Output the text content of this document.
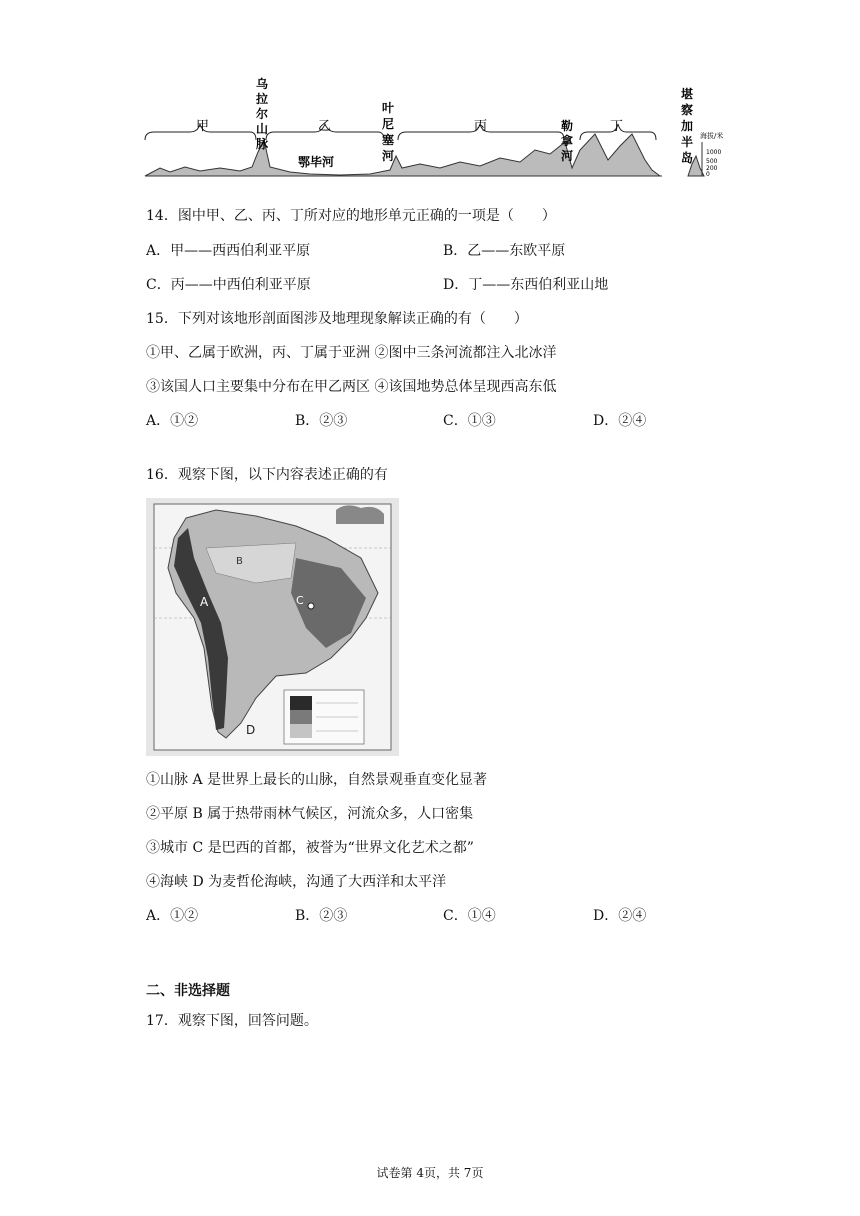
甲	乙	丙	丁
鄂毕河
海拔/米
1000
500
200
0
乌拉尔山脉
叶尼塞河
勒拿河
堪察加半岛
14．图中甲、乙、丙、丁所对应的地形单元正确的一项是（　　）
A．甲——西西伯利亚平原	B．乙——东欧平原
C．丙——中西伯利亚平原	D．丁——东西伯利亚山地
15．下列对该地形剖面图涉及地理现象解读正确的有（　　）
①甲、乙属于欧洲，丙、丁属于亚洲 ②图中三条河流都注入北冰洋
③该国人口主要集中分布在甲乙两区 ④该国地势总体呈现西高东低
A．①②	B．②③	C．①③	D．②④
16．观察下图，以下内容表述正确的有
A
B
C
D
①山脉 A 是世界上最长的山脉，自然景观垂直变化显著
②平原 B 属于热带雨林气候区，河流众多，人口密集
③城市 C 是巴西的首都，被誉为“世界文化艺术之都”
④海峡 D 为麦哲伦海峡，沟通了大西洋和太平洋
A．①②	B．②③	C．①④	D．②④
二、非选择题
17．观察下图，回答问题。
试卷第 4页，共 7页
